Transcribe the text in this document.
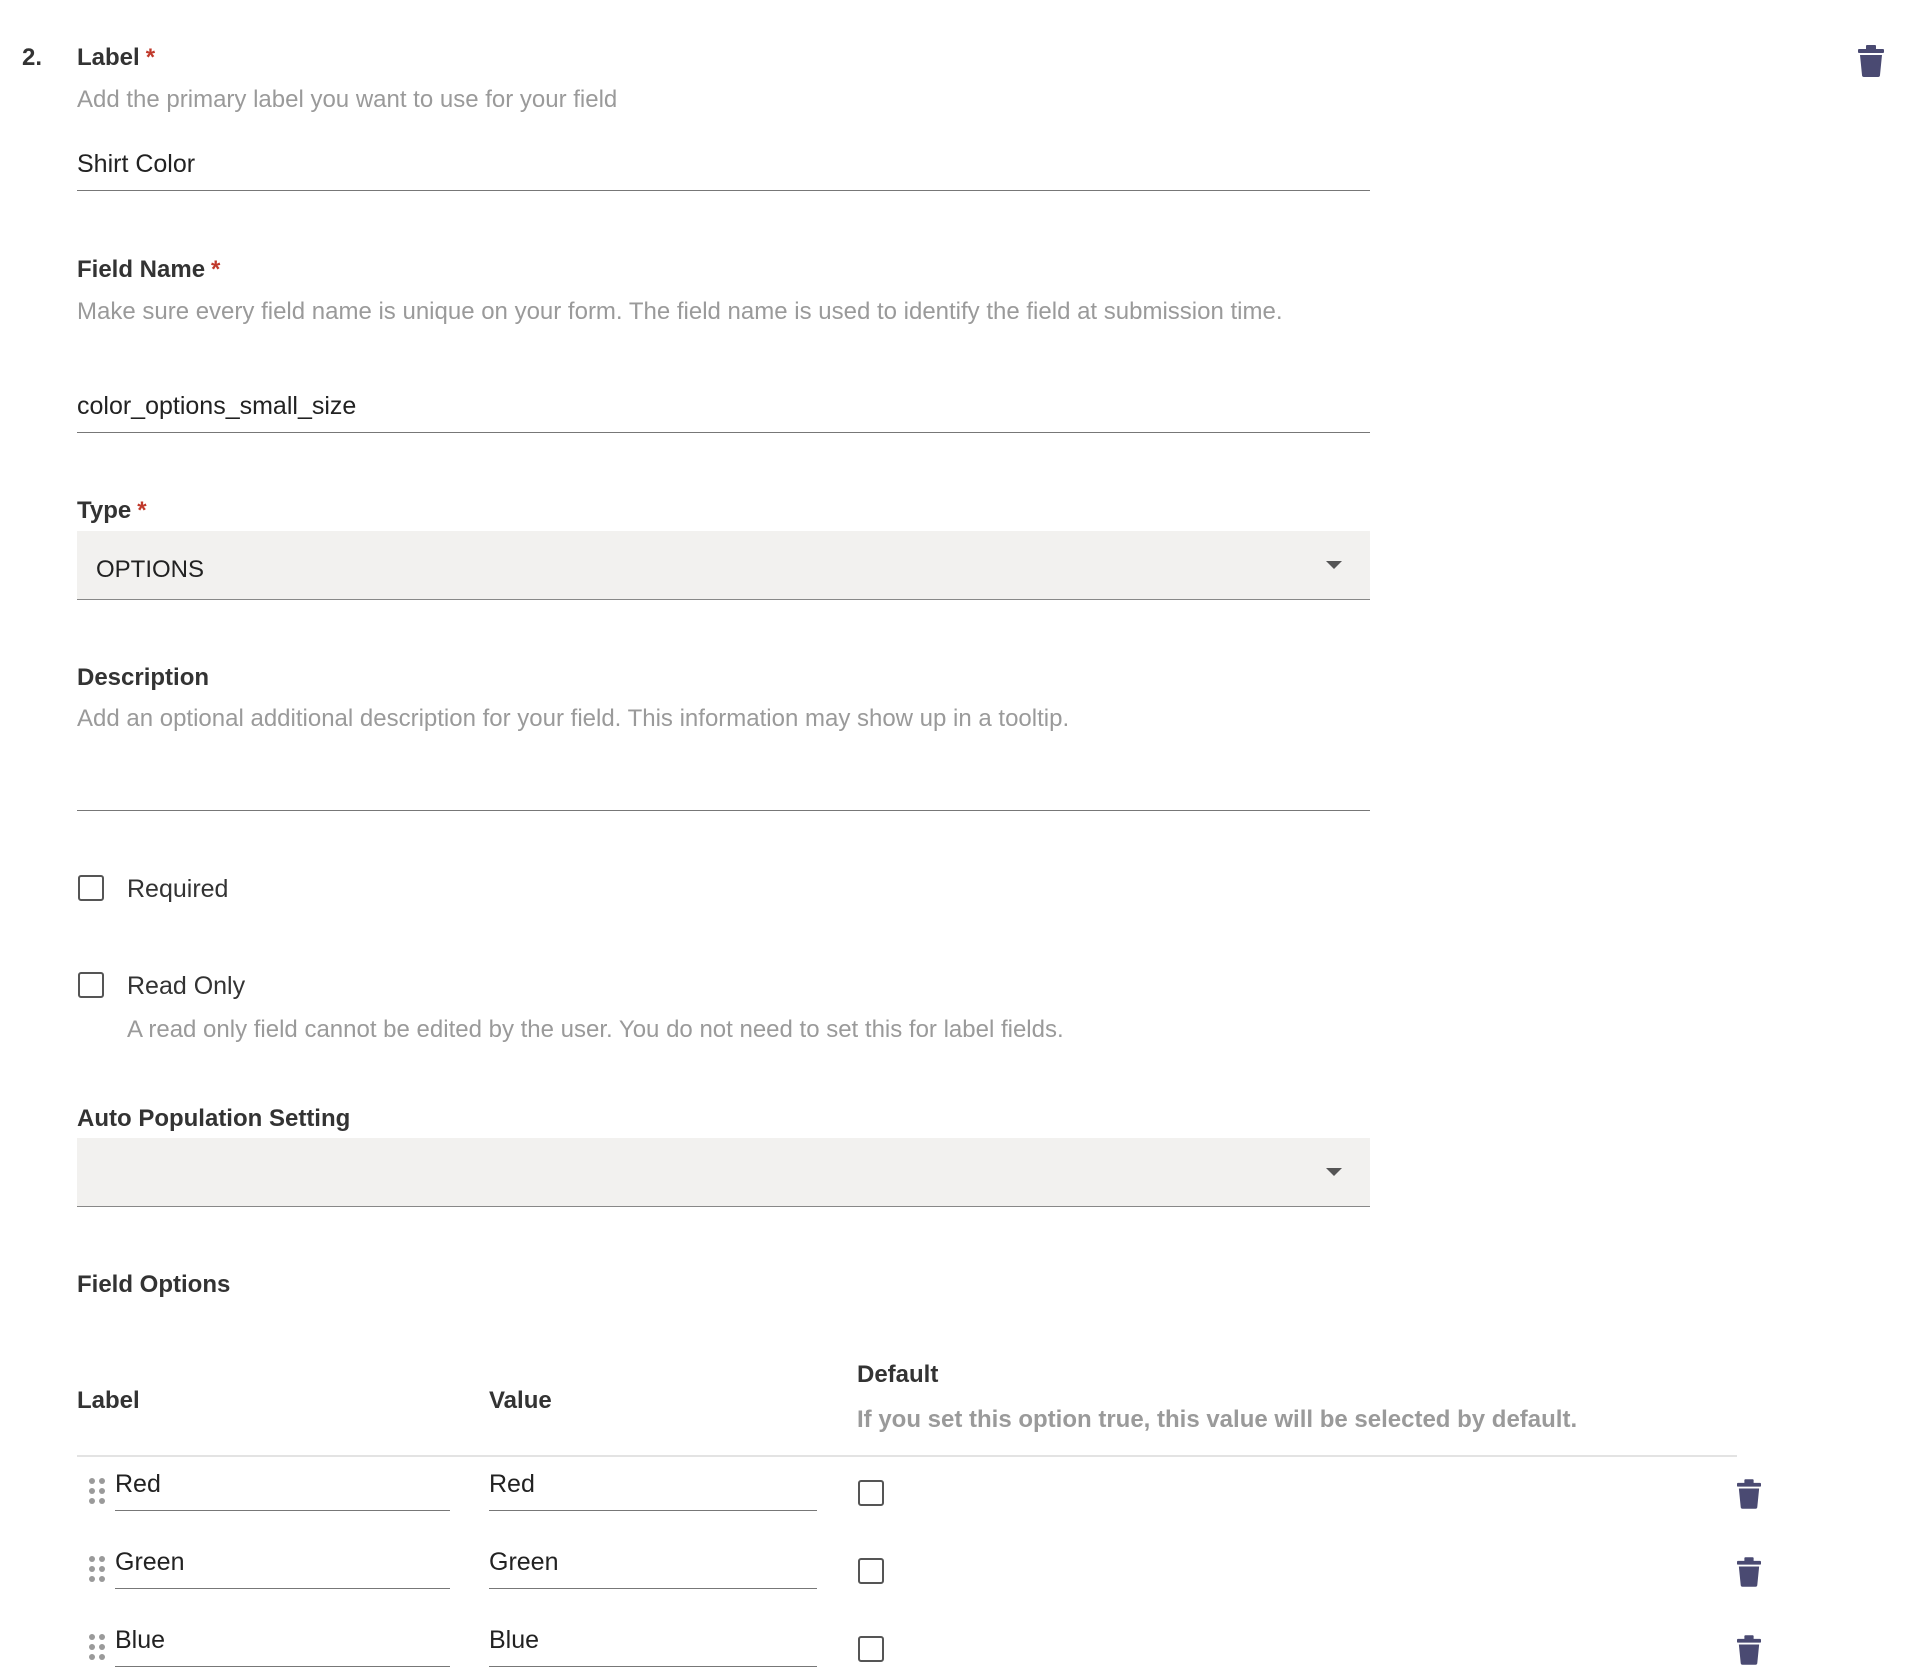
2. Label *
Add the primary label you want to use for your field
Shirt Color
Field Name *
Make sure every field name is unique on your form. The field name is used to identify the field at submission time.
color_options_small_size
Type *
OPTIONS
Description
Add an optional additional description for your field. This information may show up in a tooltip.
Required
Read Only
A read only field cannot be edited by the user. You do not need to set this for label fields.
Auto Population Setting
Field Options
Label	Value
Default
If you set this option true, this value will be selected by default.
Red	Red
Green	Green
Blue	Blue
